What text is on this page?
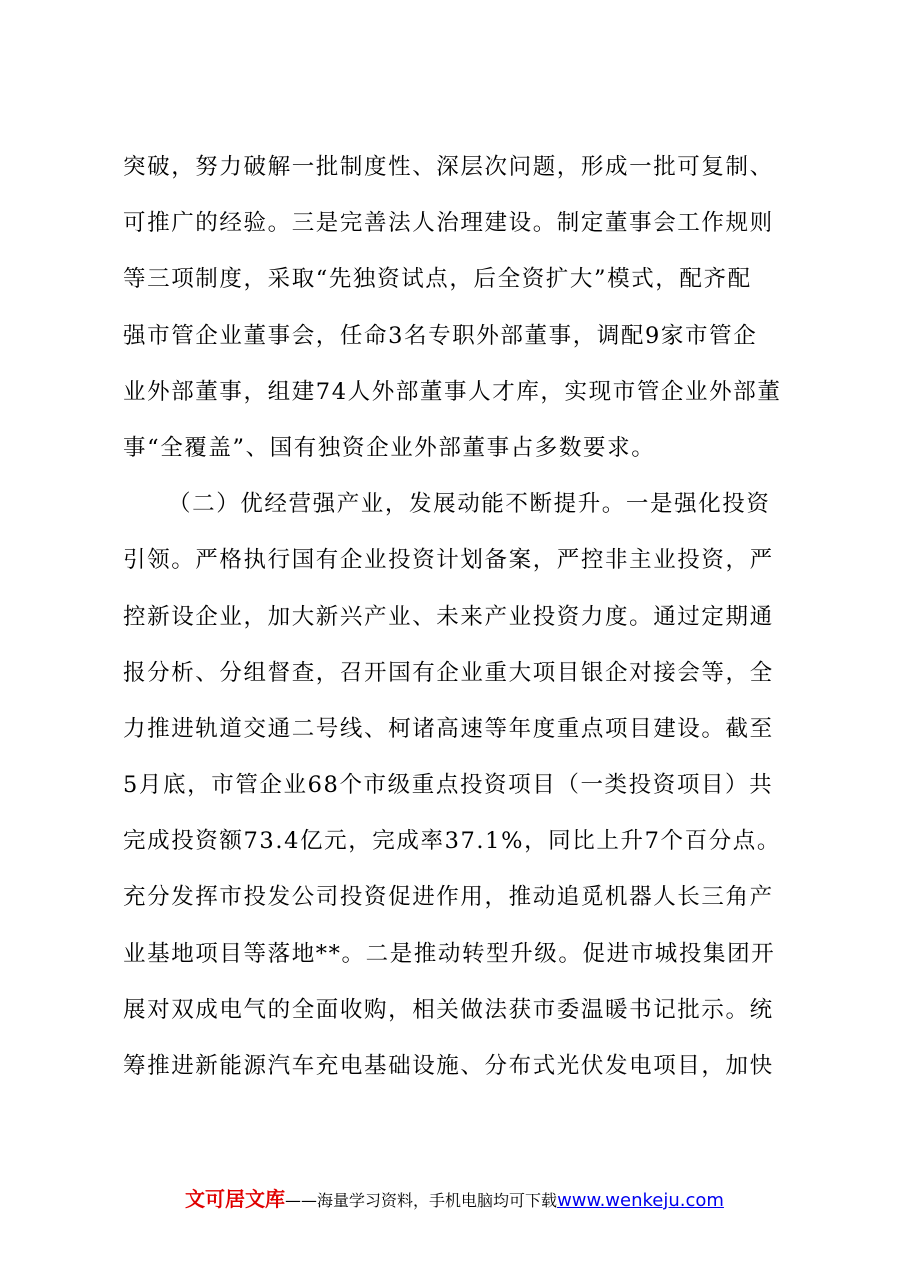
突破，努力破解一批制度性、深层次问题，形成一批可复制、
可推广的经验。三是完善法人治理建设。制定董事会工作规则
等三项制度，采取“先独资试点，后全资扩大”模式，配齐配
强市管企业董事会，任命3名专职外部董事，调配9家市管企
业外部董事，组建74人外部董事人才库，实现市管企业外部董
事“全覆盖”、国有独资企业外部董事占多数要求。
（二）优经营强产业，发展动能不断提升。一是强化投资
引领。严格执行国有企业投资计划备案，严控非主业投资，严
控新设企业，加大新兴产业、未来产业投资力度。通过定期通
报分析、分组督查，召开国有企业重大项目银企对接会等，全
力推进轨道交通二号线、柯诸高速等年度重点项目建设。截至
5月底，市管企业68个市级重点投资项目（一类投资项目）共
完成投资额73.4亿元，完成率37.1%，同比上升7个百分点。
充分发挥市投发公司投资促进作用，推动追觅机器人长三角产
业基地项目等落地**。二是推动转型升级。促进市城投集团开
展对双成电气的全面收购，相关做法获市委温暖书记批示。统
筹推进新能源汽车充电基础设施、分布式光伏发电项目，加快
文可居文库——海量学习资料，手机电脑均可下载www.wenkeju.com
